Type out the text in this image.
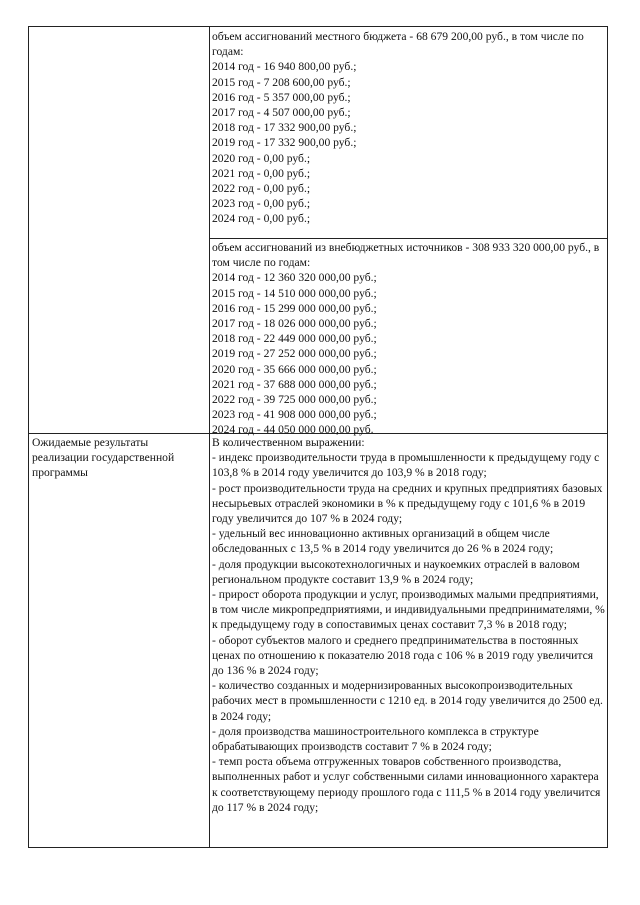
объем ассигнований местного бюджета - 68 679 200,00 руб., в том числе по годам:
2014 год - 16 940 800,00 руб.;
2015 год - 7 208 600,00 руб.;
2016 год - 5 357 000,00 руб.;
2017 год - 4 507 000,00 руб.;
2018 год - 17 332 900,00 руб.;
2019 год - 17 332 900,00 руб.;
2020 год - 0,00 руб.;
2021 год - 0,00 руб.;
2022 год - 0,00 руб.;
2023 год - 0,00 руб.;
2024 год - 0,00 руб.;
объем ассигнований из внебюджетных источников - 308 933 320 000,00 руб., в том числе по годам:
2014 год - 12 360 320 000,00 руб.;
2015 год - 14 510 000 000,00 руб.;
2016 год - 15 299 000 000,00 руб.;
2017 год - 18 026 000 000,00 руб.;
2018 год - 22 449 000 000,00 руб.;
2019 год - 27 252 000 000,00 руб.;
2020 год - 35 666 000 000,00 руб.;
2021 год - 37 688 000 000,00 руб.;
2022 год - 39 725 000 000,00 руб.;
2023 год - 41 908 000 000,00 руб.;
2024 год - 44 050 000 000,00 руб.
Ожидаемые результаты реализации государственной программы
В количественном выражении:
- индекс производительности труда в промышленности к предыдущему году с 103,8 % в 2014 году увеличится до 103,9 % в 2018 году;
- рост производительности труда на средних и крупных предприятиях базовых несырьевых отраслей экономики в % к предыдущему году с 101,6 % в 2019 году увеличится до 107 % в 2024 году;
- удельный вес инновационно активных организаций в общем числе обследованных с 13,5 % в 2014 году увеличится до 26 % в 2024 году;
- доля продукции высокотехнологичных и наукоемких отраслей в валовом региональном продукте составит 13,9 % в 2024 году;
- прирост оборота продукции и услуг, производимых малыми предприятиями, в том числе микропредприятиями, и индивидуальными предпринимателями, % к предыдущему году в сопоставимых ценах составит 7,3 % в 2018 году;
- оборот субъектов малого и среднего предпринимательства в постоянных ценах по отношению к показателю 2018 года с 106 % в 2019 году увеличится до 136 % в 2024 году;
- количество созданных и модернизированных высокопроизводительных рабочих мест в промышленности с 1210 ед. в 2014 году увеличится до 2500 ед. в 2024 году;
- доля производства машиностроительного комплекса в структуре обрабатывающих производств составит 7 % в 2024 году;
- темп роста объема отгруженных товаров собственного производства, выполненных работ и услуг собственными силами инновационного характера к соответствующему периоду прошлого года с 111,5 % в 2014 году увеличится до 117 % в 2024 году;
